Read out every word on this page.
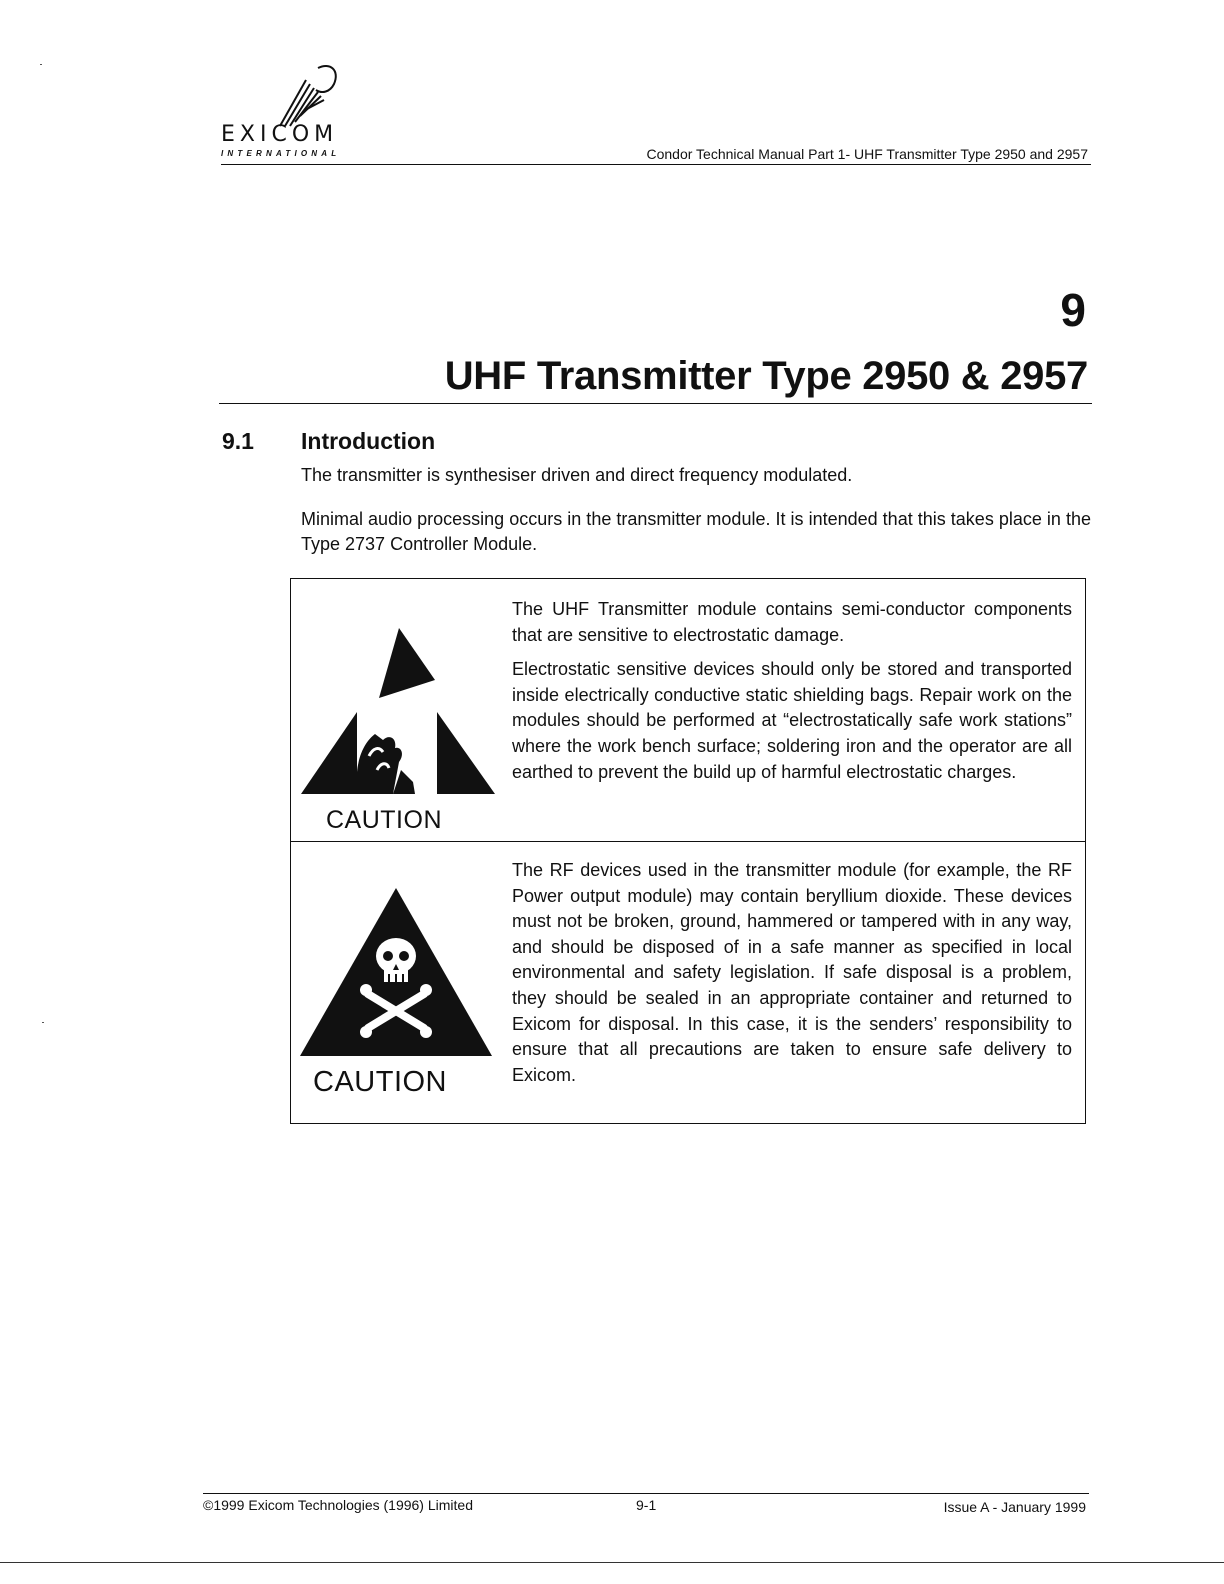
EXICOM
INTERNATIONAL	Condor Technical Manual Part 1- UHF Transmitter Type 2950 and 2957
9
UHF Transmitter Type 2950 & 2957
9.1 Introduction
The transmitter is synthesiser driven and direct frequency modulated.
Minimal audio processing occurs in the transmitter module. It is intended that this takes place in the Type 2737 Controller Module.
CAUTION

The UHF Transmitter module contains semi-conductor components that are sensitive to electrostatic damage.

Electrostatic sensitive devices should only be stored and transported inside electrically conductive static shielding bags. Repair work on the modules should be performed at “electrostatically safe work stations” where the work bench surface; soldering iron and the operator are all earthed to prevent the build up of harmful electrostatic charges.

CAUTION

The RF devices used in the transmitter module (for example, the RF Power output module) may contain beryllium dioxide. These devices must not be broken, ground, hammered or tampered with in any way, and should be disposed of in a safe manner as specified in local environmental and safety legislation. If safe disposal is a problem, they should be sealed in an appropriate container and returned to Exicom for disposal. In this case, it is the senders’ responsibility to ensure that all precautions are taken to ensure safe delivery to Exicom.

©1999 Exicom Technologies (1996) Limited	9-1	Issue A - January 1999
